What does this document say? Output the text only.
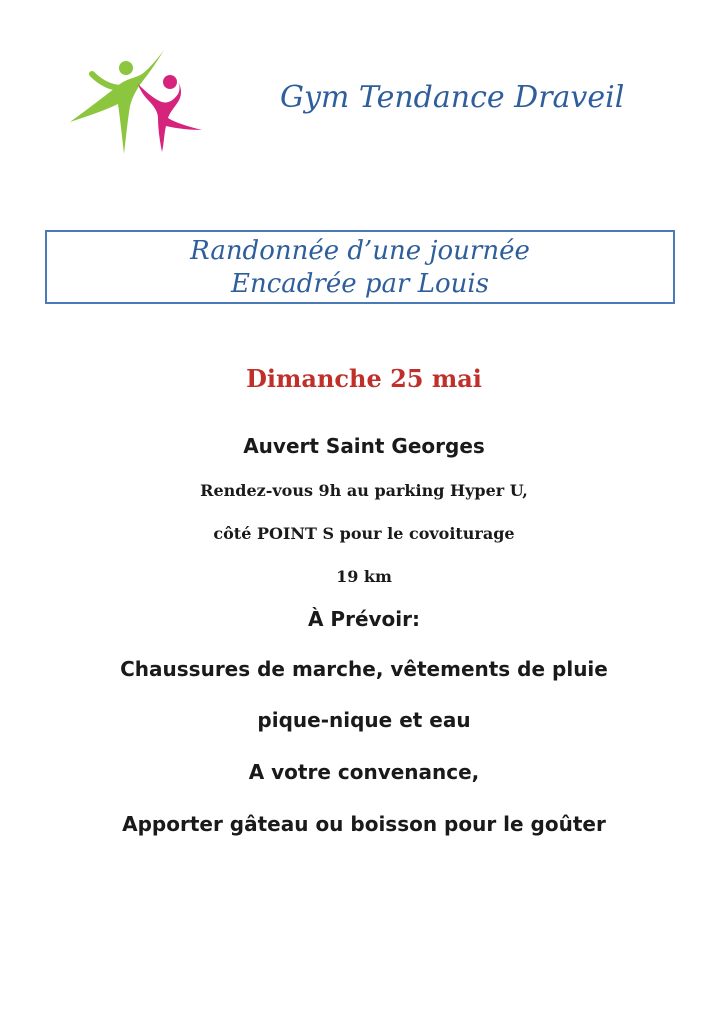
Gym Tendance Draveil
Randonnée d’une journée
Encadrée par Louis

Dimanche 25 mai

Auvert Saint Georges

Rendez-vous 9h au parking Hyper U,

côté POINT S pour le covoiturage

19 km

À Prévoir:

Chaussures de marche, vêtements de pluie

pique-nique et eau

A votre convenance,

Apporter gâteau ou boisson pour le goûter
